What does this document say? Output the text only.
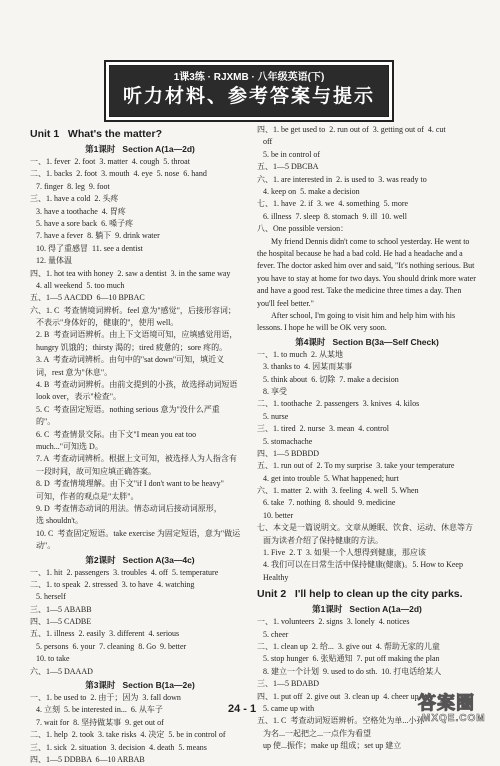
1课3练 · RJXMB · 八年级英语(下)
听力材料、参考答案与提示
Unit 1   What's the matter?
第1课时   Section A(1a—2d)
一、1. fever  2. foot  3. matter  4. cough  5. throat
二、1. backs  2. foot  3. mouth  4. eye  5. nose  6. hand
7. finger  8. leg  9. foot
三、1. have a cold  2. 头疼
3. have a toothache  4. 胃疼
5. have a sore back  6. 嗓子疼
7. have a fever  8. 躺下  9. drink water
10. 得了重感冒  11. see a dentist
12. 量体温
四、1. hot tea with honey  2. saw a dentist  3. in the same way
4. all weekend  5. too much
五、1—5 AACDD  6—10 BPBAC
六、1. C  考查情境词辨析。feel 意为"感觉"，后接形容词；
不表示"身体好的，健康的"，使用 well。
2. B  考查词语辨析。由上下文语境可知，应填感觉用语，
hungry 饥饿的；thirsty 渴的；tired 疲惫的；sore 疼的。
3. A  考查动词辨析。由句中的"sat down"可知，填近义
词，rest 意为"休息"。
4. B  考查动词辨析。由前文提到的小孩，故选择动词短语
look over，表示"检查"。
5. C  考查固定短语。nothing serious 意为"没什么严重
的"。
6. C  考查情景交际。由下文"I mean you eat too
much..."可知选 D。
7. A  考查动词辨析。根据上文可知，被选择人为人指含有
一段时间，故可知应填正确答案。
8. D  考查情境理解。由下文"if I don't want to be heavy"
可知，作者的观点是"太胖"。
9. D  考查情态动词的用法。情态动词后接动词原形，
选 shouldn't。
10. C  考查固定短语。take exercise 为固定短语，意为"做运
动"。
第2课时   Section A(3a—4c)
一、1. hit  2. passengers  3. troubles  4. off  5. temperature
二、1. to speak  2. stressed  3. to have  4. watching
5. herself
三、1—5 ABABB
四、1—5 CADBE
五、1. illness  2. easily  3. different  4. serious
5. persons  6. your  7. cleaning  8. Go  9. better
10. to take
六、1—5 DAAAD
第3课时   Section B(1a—2e)
一、1. be used to  2. 由于；因为  3. fall down
4. 立刻  5. be interested in...  6. 从车子
7. wait for  8. 坚持做某事  9. get out of
二、1. help  2. took  3. take risks  4. 决定  5. be in control of
三、1. sick  2. situation  3. decision  4. death  5. means
四、1—5 DDBBA  6—10 ARBAB
四、1. be get used to  2. run out of  3. getting out of  4. cut
off
5. be in control of
五、1—5 DBCBA
六、1. are interested in  2. is used to  3. was ready to
4. keep on  5. make a decision
七、1. have  2. if  3. we  4. something  5. more
6. illness  7. sleep  8. stomach  9. ill  10. well
八、One possible version：
My friend Dennis didn't come to school yesterday. He went to the hospital because he had a bad cold. He had a headache and a fever. The doctor asked him over and said, "It's nothing serious. But you have to stay at home for two days. You should drink more water and have a good rest. Take the medicine three times a day. Then you'll feel better."
After school, I'm going to visit him and help him with his lessons. I hope he will be OK very soon.
第4课时   Section B(3a—Self Check)
一、1. to much  2. 从某地
3. thanks to  4. 因某而某事
5. think about  6. 切除  7. make a decision
8. 享受
二、1. toothache  2. passengers  3. knives  4. kilos
5. nurse
三、1. tired  2. nurse  3. mean  4. control
5. stomachache
四、1—5 BDBDD
五、1. run out of  2. To my surprise  3. take your temperature
4. get into trouble  5. What happened; hurt
六、1. matter  2. with  3. feeling  4. well  5. When
6. take  7. nothing  8. should  9. medicine
10. better
七、本文是一篇说明文。文章从睡眠、饮食、运动、休息等方
面为读者介绍了保持健康的方法。
1. Five  2. T  3. 如果一个人想得到健康，那应该
4. 我们可以在日常生活中保持健康(健康)。5. How to Keep
Healthy
Unit 2   I'll help to clean up the city parks.
第1课时   Section A(1a—2d)
一、1. volunteers  2. signs  3. lonely  4. notices
5. cheer
二、1. clean up  2. 给...  3. give out  4. 帮助无家的儿童
5. stop hunger  6. 张贴通知  7. put off making the plan
8. 建立一个计划  9. used to do sth.  10. 打电话给某人
三、1—5 BDABD
四、1. put off  2. give out  3. clean up  4. cheer up
5. came up with
五、1. C  考查动词短语辨析。空格处为单...小孙
为名...一起把之...一点作为看望
up 使...振作；make up 组成；set up 建立
24 - 1	答案圈
MXQE.COM
